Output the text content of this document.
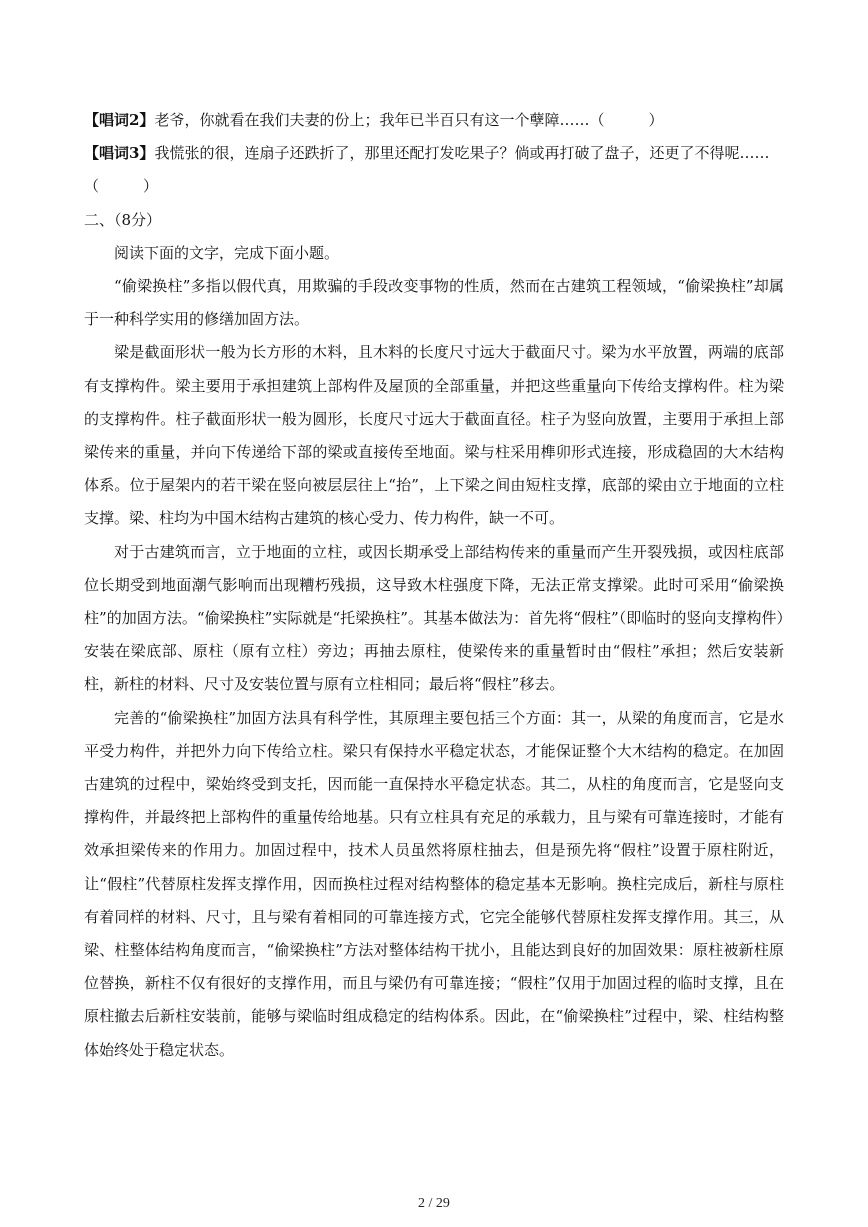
【唱词2】老爷，你就看在我们夫妻的份上；我年已半百只有这一个孽障……（	）

【唱词3】我慌张的很，连扇子还跌折了，那里还配打发吃果子？倘或再打破了盘子，还更了不得呢……（	）

二、（8分）

阅读下面的文字，完成下面小题。

“偷梁换柱”多指以假代真，用欺骗的手段改变事物的性质，然而在古建筑工程领域，“偷梁换柱”却属于一种科学实用的修缮加固方法。

梁是截面形状一般为长方形的木料，且木料的长度尺寸远大于截面尺寸。梁为水平放置，两端的底部有支撑构件。梁主要用于承担建筑上部构件及屋顶的全部重量，并把这些重量向下传给支撑构件。柱为梁的支撑构件。柱子截面形状一般为圆形，长度尺寸远大于截面直径。柱子为竖向放置，主要用于承担上部梁传来的重量，并向下传递给下部的梁或直接传至地面。梁与柱采用榫卯形式连接，形成稳固的大木结构体系。位于屋架内的若干梁在竖向被层层往上“抬”，上下梁之间由短柱支撑，底部的梁由立于地面的立柱支撑。梁、柱均为中国木结构古建筑的核心受力、传力构件，缺一不可。

对于古建筑而言，立于地面的立柱，或因长期承受上部结构传来的重量而产生开裂残损，或因柱底部位长期受到地面潮气影响而出现糟朽残损，这导致木柱强度下降，无法正常支撑梁。此时可采用“偷梁换柱”的加固方法。“偷梁换柱”实际就是“托梁换柱”。其基本做法为：首先将“假柱”（即临时的竖向支撑构件）安装在梁底部、原柱（原有立柱）旁边；再抽去原柱，使梁传来的重量暂时由“假柱”承担；然后安装新柱，新柱的材料、尺寸及安装位置与原有立柱相同；最后将“假柱”移去。

完善的“偷梁换柱”加固方法具有科学性，其原理主要包括三个方面：其一，从梁的角度而言，它是水平受力构件，并把外力向下传给立柱。梁只有保持水平稳定状态，才能保证整个大木结构的稳定。在加固古建筑的过程中，梁始终受到支托，因而能一直保持水平稳定状态。其二，从柱的角度而言，它是竖向支撑构件，并最终把上部构件的重量传给地基。只有立柱具有充足的承载力，且与梁有可靠连接时，才能有效承担梁传来的作用力。加固过程中，技术人员虽然将原柱抽去，但是预先将“假柱”设置于原柱附近，让“假柱”代替原柱发挥支撑作用，因而换柱过程对结构整体的稳定基本无影响。换柱完成后，新柱与原柱有着同样的材料、尺寸，且与梁有着相同的可靠连接方式，它完全能够代替原柱发挥支撑作用。其三，从梁、柱整体结构角度而言，“偷梁换柱”方法对整体结构干扰小，且能达到良好的加固效果：原柱被新柱原位替换，新柱不仅有很好的支撑作用，而且与梁仍有可靠连接；“假柱”仅用于加固过程的临时支撑，且在原柱撤去后新柱安装前，能够与梁临时组成稳定的结构体系。因此，在“偷梁换柱”过程中，梁、柱结构整体始终处于稳定状态。

2 / 29
